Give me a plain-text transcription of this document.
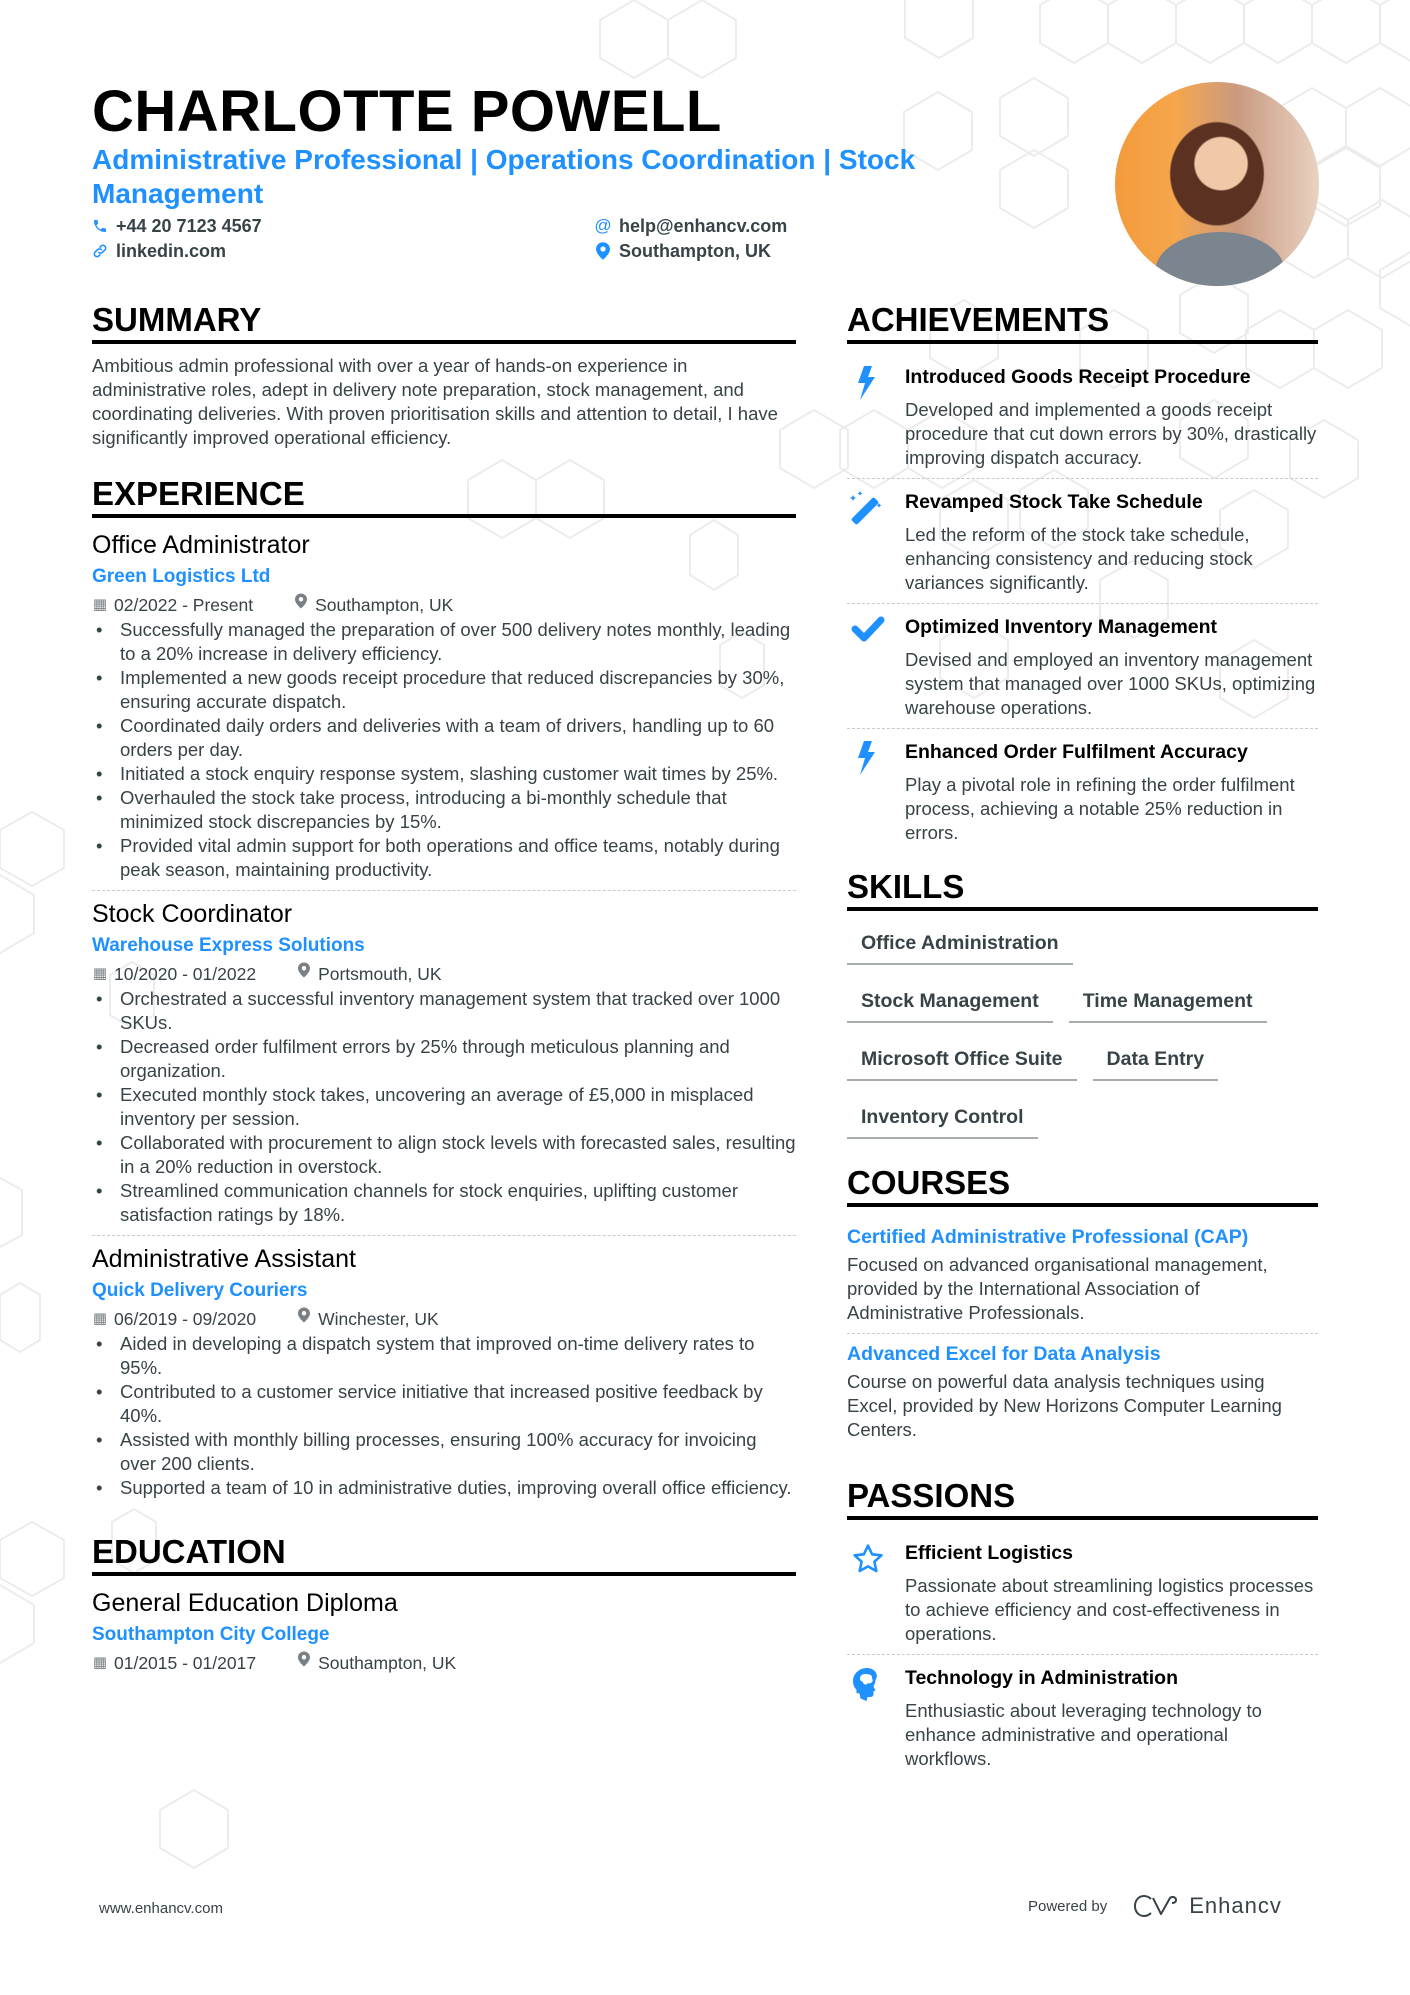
CHARLOTTE POWELL
Administrative Professional | Operations Coordination | Stock Management
+44 20 7123 4567
linkedin.com
@ help@enhancv.com
Southampton, UK
SUMMARY

Ambitious admin professional with over a year of hands-on experience in administrative roles, adept in delivery note preparation, stock management, and coordinating deliveries. With proven prioritisation skills and attention to detail, I have significantly improved operational efficiency.

EXPERIENCE
Office Administrator
Green Logistics Ltd
▦ 02/2022 - Present	Southampton, UK
• Successfully managed the preparation of over 500 delivery notes monthly, leading to a 20% increase in delivery efficiency.
• Implemented a new goods receipt procedure that reduced discrepancies by 30%, ensuring accurate dispatch.
• Coordinated daily orders and deliveries with a team of drivers, handling up to 60 orders per day.
• Initiated a stock enquiry response system, slashing customer wait times by 25%.
• Overhauled the stock take process, introducing a bi-monthly schedule that minimized stock discrepancies by 15%.
• Provided vital admin support for both operations and office teams, notably during peak season, maintaining productivity.
Stock Coordinator
Warehouse Express Solutions
▦ 10/2020 - 01/2022	Portsmouth, UK
• Orchestrated a successful inventory management system that tracked over 1000 SKUs.
• Decreased order fulfilment errors by 25% through meticulous planning and organization.
• Executed monthly stock takes, uncovering an average of £5,000 in misplaced inventory per session.
• Collaborated with procurement to align stock levels with forecasted sales, resulting in a 20% reduction in overstock.
• Streamlined communication channels for stock enquiries, uplifting customer satisfaction ratings by 18%.
Administrative Assistant
Quick Delivery Couriers
▦ 06/2019 - 09/2020	Winchester, UK
• Aided in developing a dispatch system that improved on-time delivery rates to 95%.
• Contributed to a customer service initiative that increased positive feedback by 40%.
• Assisted with monthly billing processes, ensuring 100% accuracy for invoicing over 200 clients.
• Supported a team of 10 in administrative duties, improving overall office efficiency.
EDUCATION
General Education Diploma
Southampton City College
▦ 01/2015 - 01/2017	Southampton, UK
ACHIEVEMENTS
Introduced Goods Receipt Procedure
Developed and implemented a goods receipt procedure that cut down errors by 30%, drastically improving dispatch accuracy.
Revamped Stock Take Schedule
Led the reform of the stock take schedule, enhancing consistency and reducing stock variances significantly.
Optimized Inventory Management
Devised and employed an inventory management system that managed over 1000 SKUs, optimizing warehouse operations.
Enhanced Order Fulfilment Accuracy
Play a pivotal role in refining the order fulfilment process, achieving a notable 25% reduction in errors.
SKILLS
Office Administration
Stock Management	Time Management
Microsoft Office Suite	Data Entry
Inventory Control
COURSES
Certified Administrative Professional (CAP)
Focused on advanced organisational management, provided by the International Association of Administrative Professionals.
Advanced Excel for Data Analysis
Course on powerful data analysis techniques using Excel, provided by New Horizons Computer Learning Centers.
PASSIONS
Efficient Logistics
Passionate about streamlining logistics processes to achieve efficiency and cost-effectiveness in operations.
Technology in Administration
Enthusiastic about leveraging technology to enhance administrative and operational workflows.
www.enhancv.com	Powered by	Enhancv
